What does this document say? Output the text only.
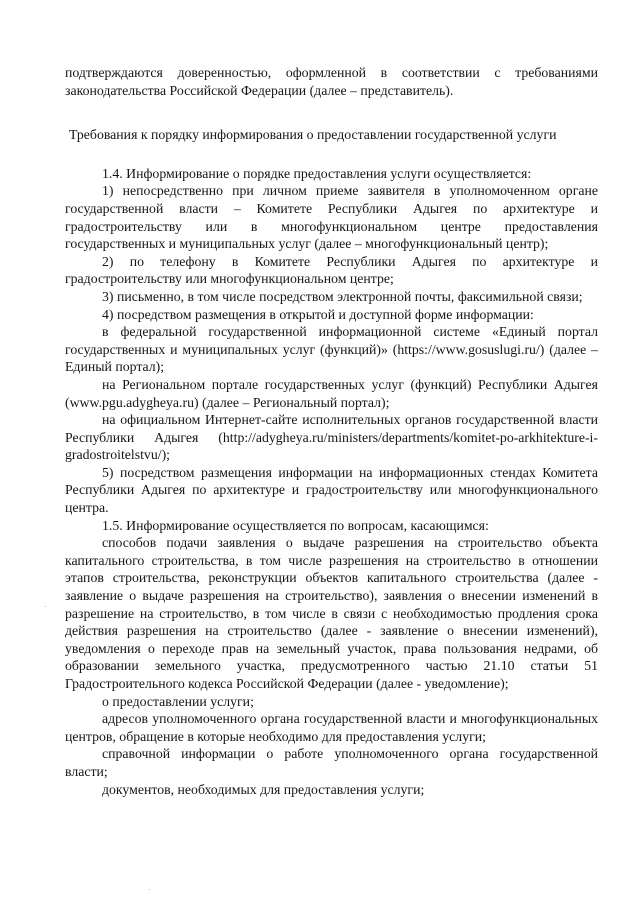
подтверждаются доверенностью, оформленной в соответствии с требованиями законодательства Российской Федерации (далее – представитель).

Требования к порядку информирования о предоставлении государственной услуги

1.4. Информирование о порядке предоставления услуги осуществляется:

1) непосредственно при личном приеме заявителя в уполномоченном органе государственной власти – Комитете Республики Адыгея по архитектуре и градостроительству или в многофункциональном центре предоставления государственных и муниципальных услуг (далее – многофункциональный центр);

2) по телефону в Комитете Республики Адыгея по архитектуре и градостроительству или многофункциональном центре;

3) письменно, в том числе посредством электронной почты, факсимильной связи;

4) посредством размещения в открытой и доступной форме информации:

в федеральной государственной информационной системе «Единый портал государственных и муниципальных услуг (функций)» (https://www.gosuslugi.ru/) (далее – Единый портал);

на Региональном портале государственных услуг (функций) Республики Адыгея (www.pgu.adygheya.ru) (далее – Региональный портал);

на официальном Интернет-сайте исполнительных органов государственной власти Республики Адыгея (http://adygheya.ru/ministers/departments/komitet-po-arkhitekture-i-gradostroitelstvu/);

5) посредством размещения информации на информационных стендах Комитета Республики Адыгея по архитектуре и градостроительству или многофункционального центра.

1.5. Информирование осуществляется по вопросам, касающимся:

способов подачи заявления о выдаче разрешения на строительство объекта капитального строительства, в том числе разрешения на строительство в отношении этапов строительства, реконструкции объектов капитального строительства (далее - заявление о выдаче разрешения на строительство), заявления о внесении изменений в разрешение на строительство, в том числе в связи с необходимостью продления срока действия разрешения на строительство (далее - заявление о внесении изменений), уведомления о переходе прав на земельный участок, права пользования недрами, об образовании земельного участка, предусмотренного частью 21.10 статьи 51 Градостроительного кодекса Российской Федерации (далее - уведомление);

о предоставлении услуги;

адресов уполномоченного органа государственной власти и многофункциональных центров, обращение в которые необходимо для предоставления услуги;

справочной информации о работе уполномоченного органа государственной власти;

документов, необходимых для предоставления услуги;
